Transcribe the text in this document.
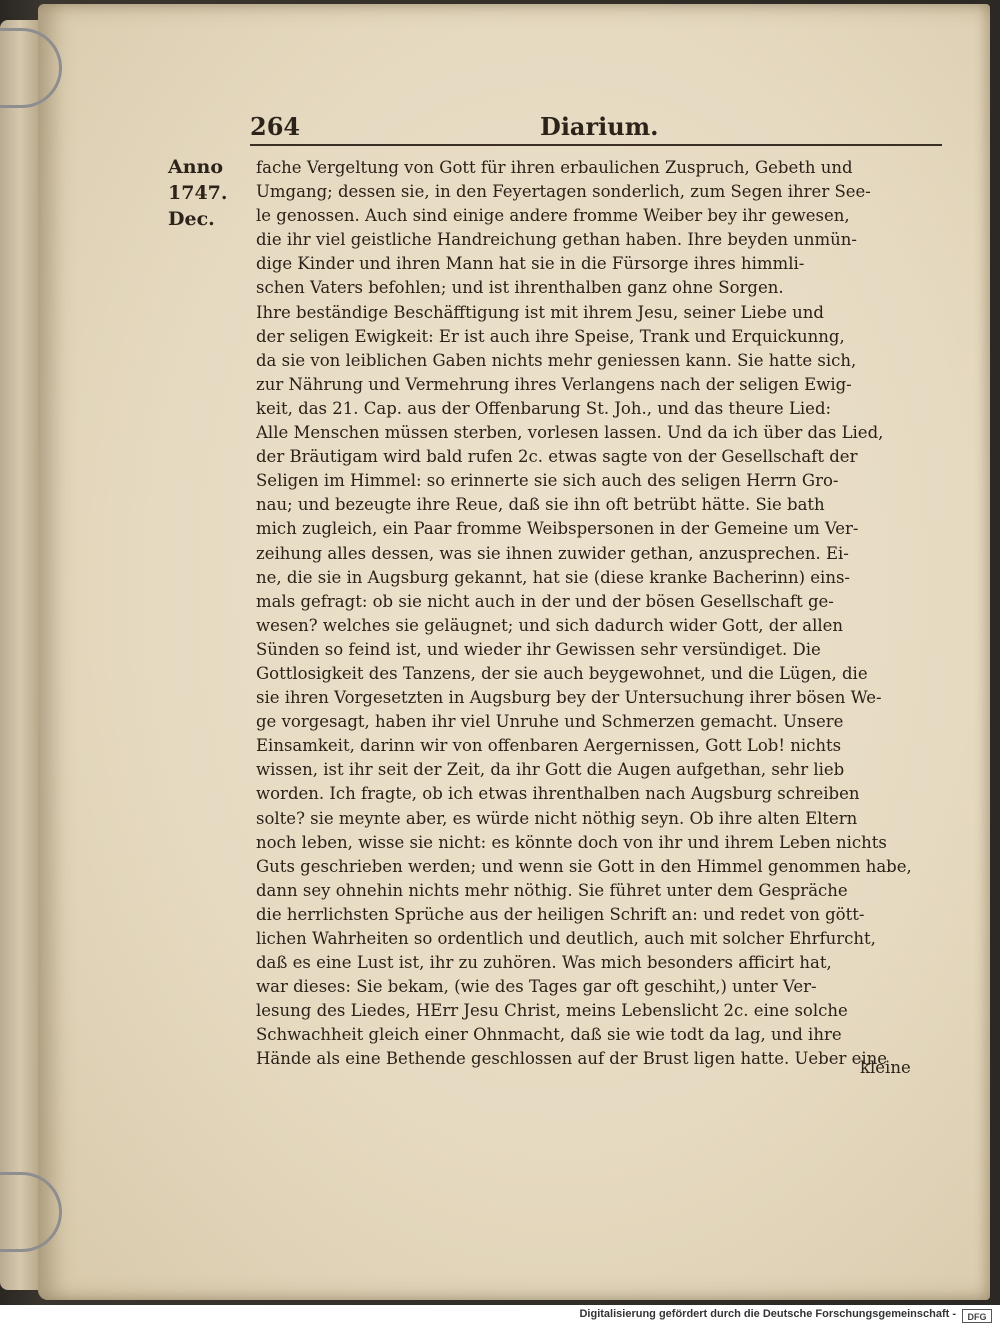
264	Diarium.
Anno
1747.
Dec.
fache Vergeltung von Gott für ihren erbaulichen Zuspruch, Gebeth und
Umgang; dessen sie, in den Feyertagen sonderlich, zum Segen ihrer See-
le genossen. Auch sind einige andere fromme Weiber bey ihr gewesen,
die ihr viel geistliche Handreichung gethan haben. Ihre beyden unmün-
dige Kinder und ihren Mann hat sie in die Fürsorge ihres himmli-
schen Vaters befohlen; und ist ihrenthalben ganz ohne Sorgen.
Ihre beständige Beschäfftigung ist mit ihrem Jesu, seiner Liebe und
der seligen Ewigkeit: Er ist auch ihre Speise, Trank und Erquickunng,
da sie von leiblichen Gaben nichts mehr geniessen kann. Sie hatte sich,
zur Nährung und Vermehrung ihres Verlangens nach der seligen Ewig-
keit, das 21. Cap. aus der Offenbarung St. Joh., und das theure Lied:
Alle Menschen müssen sterben, vorlesen lassen. Und da ich über das Lied,
der Bräutigam wird bald rufen 2c. etwas sagte von der Gesellschaft der
Seligen im Himmel: so erinnerte sie sich auch des seligen Herrn Gro-
nau; und bezeugte ihre Reue, daß sie ihn oft betrübt hätte. Sie bath
mich zugleich, ein Paar fromme Weibspersonen in der Gemeine um Ver-
zeihung alles dessen, was sie ihnen zuwider gethan, anzusprechen. Ei-
ne, die sie in Augsburg gekannt, hat sie (diese kranke Bacherinn) eins-
mals gefragt: ob sie nicht auch in der und der bösen Gesellschaft ge-
wesen? welches sie geläugnet; und sich dadurch wider Gott, der allen
Sünden so feind ist, und wieder ihr Gewissen sehr versündiget. Die
Gottlosigkeit des Tanzens, der sie auch beygewohnet, und die Lügen, die
sie ihren Vorgesetzten in Augsburg bey der Untersuchung ihrer bösen We-
ge vorgesagt, haben ihr viel Unruhe und Schmerzen gemacht. Unsere
Einsamkeit, darinn wir von offenbaren Aergernissen, Gott Lob! nichts
wissen, ist ihr seit der Zeit, da ihr Gott die Augen aufgethan, sehr lieb
worden. Ich fragte, ob ich etwas ihrenthalben nach Augsburg schreiben
solte? sie meynte aber, es würde nicht nöthig seyn. Ob ihre alten Eltern
noch leben, wisse sie nicht: es könnte doch von ihr und ihrem Leben nichts
Guts geschrieben werden; und wenn sie Gott in den Himmel genommen habe,
dann sey ohnehin nichts mehr nöthig. Sie führet unter dem Gespräche
die herrlichsten Sprüche aus der heiligen Schrift an: und redet von gött-
lichen Wahrheiten so ordentlich und deutlich, auch mit solcher Ehrfurcht,
daß es eine Lust ist, ihr zu zuhören. Was mich besonders afficirt hat,
war dieses: Sie bekam, (wie des Tages gar oft geschiht,) unter Ver-
lesung des Liedes, HErr Jesu Christ, meins Lebenslicht 2c. eine solche
Schwachheit gleich einer Ohnmacht, daß sie wie todt da lag, und ihre
Hände als eine Bethende geschlossen auf der Brust ligen hatte. Ueber eine
kleine
Digitalisierung gefördert durch die Deutsche Forschungsgemeinschaft -	DFG
